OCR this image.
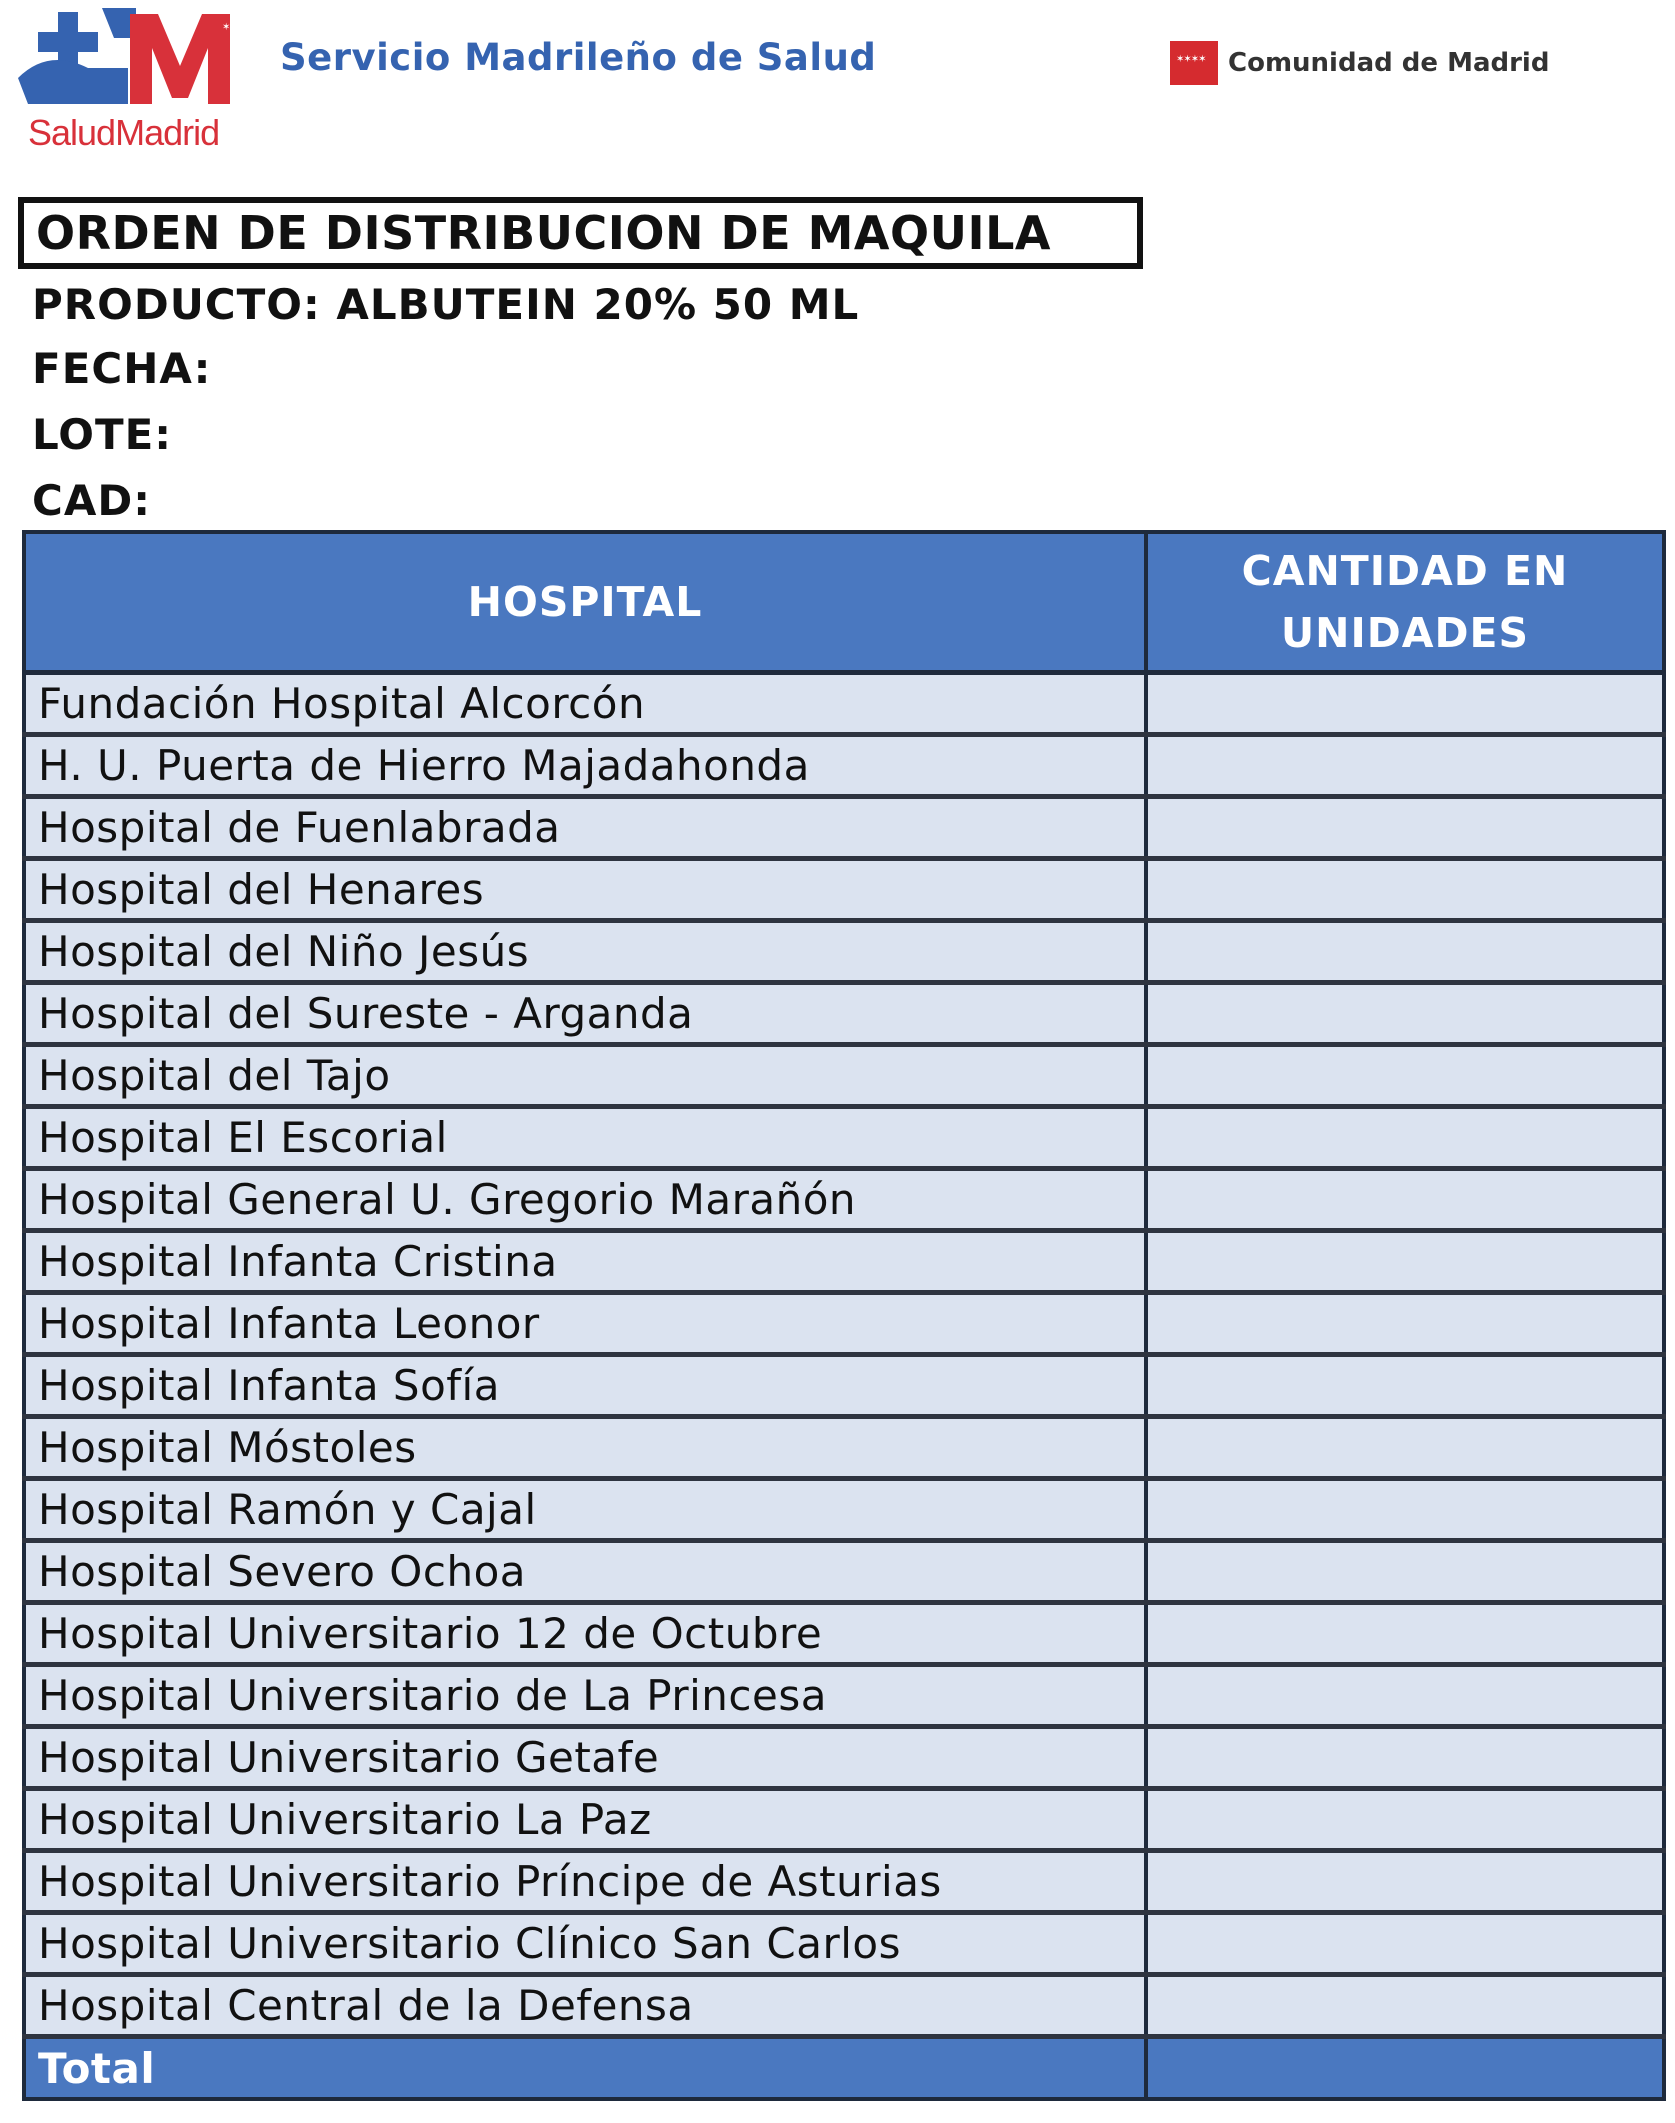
✶✶✶
SaludMadrid
Servicio Madrileño de Salud	✶✶✶✶ Comunidad de Madrid
ORDEN DE DISTRIBUCION DE MAQUILA
PRODUCTO: ALBUTEIN 20% 50 ML
FECHA:
LOTE:
CAD:
HOSPITAL	CANTIDAD EN
UNIDADES
Fundación Hospital Alcorcón	
H. U. Puerta de Hierro Majadahonda	
Hospital de Fuenlabrada	
Hospital del Henares	
Hospital del Niño Jesús	
Hospital del Sureste - Arganda	
Hospital del Tajo	
Hospital El Escorial	
Hospital General U. Gregorio Marañón	
Hospital Infanta Cristina	
Hospital Infanta Leonor	
Hospital Infanta Sofía	
Hospital Móstoles	
Hospital Ramón y Cajal	
Hospital Severo Ochoa	
Hospital Universitario 12 de Octubre	
Hospital Universitario de La Princesa	
Hospital Universitario Getafe	
Hospital Universitario La Paz	
Hospital Universitario Príncipe de Asturias	
Hospital Universitario Clínico San Carlos	
Hospital Central de la Defensa	
Total	
